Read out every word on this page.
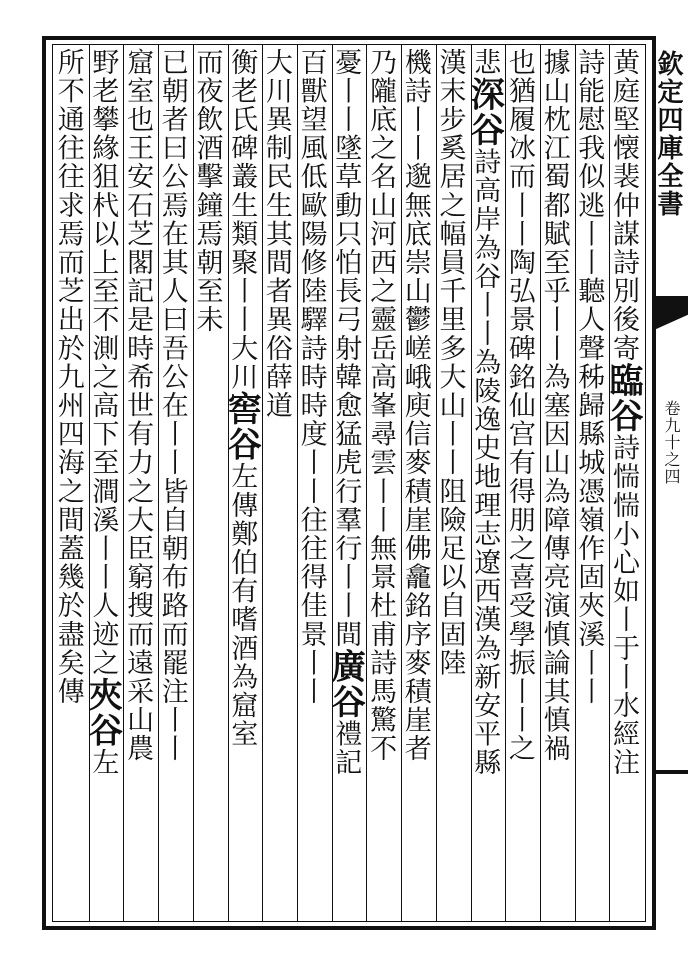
欽定四庫全書
卷九十之四
黄庭堅懐裴仲謀詩別後寄臨谷詩惴惴小心如丨于丨水經注
詩能慰我似逃丨丨聽人聲秭歸縣城憑嶺作固夾溪丨丨
據山枕江蜀都賦至乎丨丨為塞因山為障傳亮演慎論其慎禍
也猶履冰而丨丨陶弘景碑銘仙宫有得朋之喜受學振丨丨之
悲深谷詩高岸為谷丨丨為陵逸史地理志遼西漢為新安平縣
漢末步奚居之幅員千里多大山丨丨阻險足以自固陸
機詩丨丨邈無底崇山鬱嵯峨庾信麥積崖佛龕銘序麥積崖者
乃隴底之名山河西之靈岳高峯尋雲丨丨無景杜甫詩馬驚不
憂丨丨墜草動只怕長弓射韓愈猛虎行羣行丨丨間廣谷禮記
百獸望風低歐陽修陸驛詩時時度丨丨往往得佳景丨丨
大川異制民生其間者異俗薛道
衡老氏碑叢生類聚丨丨大川窖谷左傳鄭伯有嗜酒為窟室
而夜飲酒擊鐘焉朝至未
已朝者曰公焉在其人曰吾公在丨丨皆自朝布路而罷注丨丨
窟室也王安石芝閣記是時希世有力之大臣窮搜而遠采山農
野老攀緣狙杙以上至不測之高下至澗溪丨丨人迹之夾谷左
所不通往往求焉而芝出於九州四海之間蓋幾於盡矣傳
